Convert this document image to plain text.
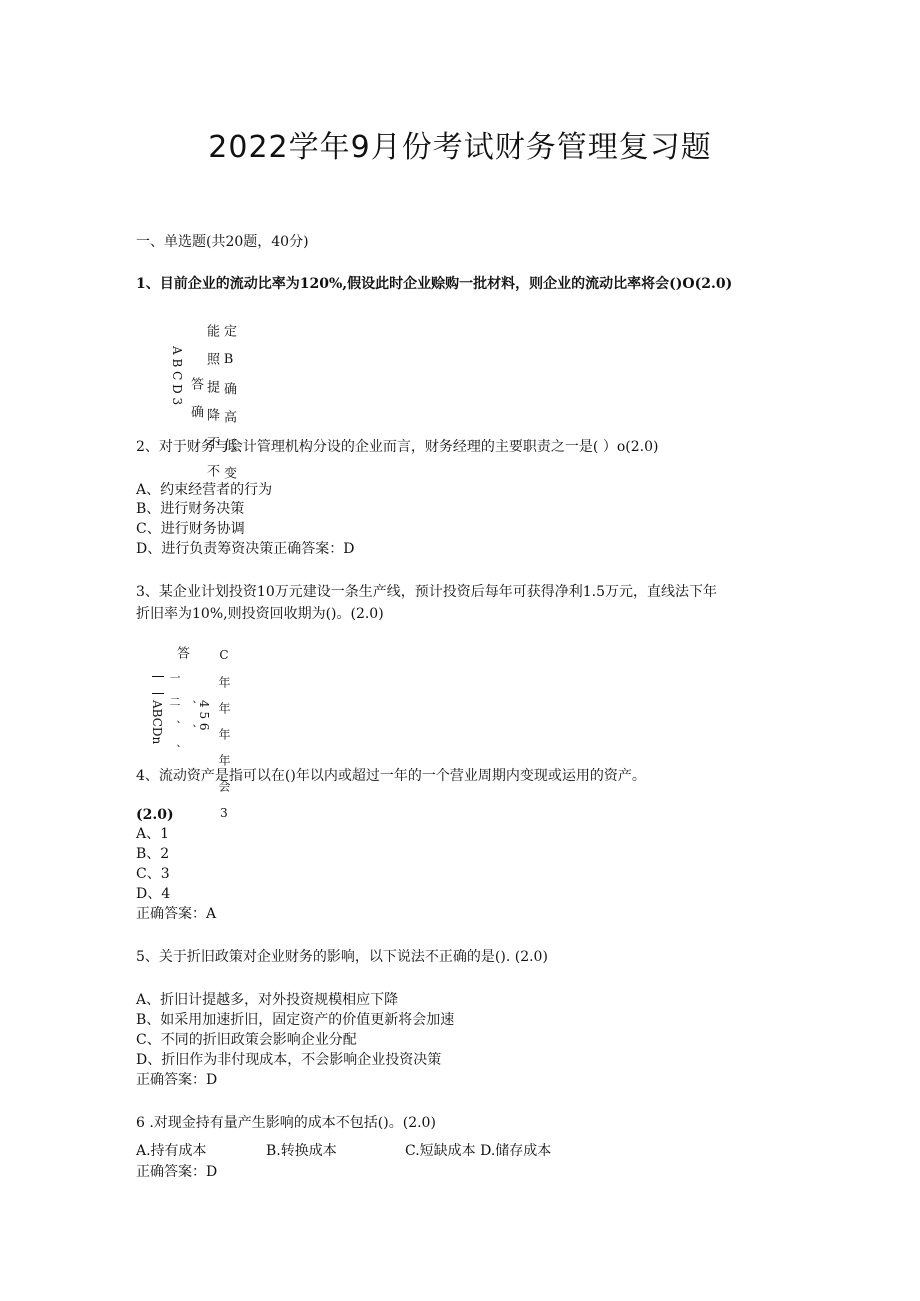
2022学年9月份考试财务管理复习题

一、单选题(共20题，40分)

1、目前企业的流动比率为120%,假设此时企业赊购一批材料，则企业的流动比率将会()O(2.0)

A B C D 3 答 确 能 照 提 降 不 不 定 B 确 高 低 变

2、对于财务与会计管理机构分设的企业而言，财务经理的主要职责之一是( ）o(2.0)

A、约束经营者的行为

B、进行财务决策

C、进行财务协调

D、进行负责筹资决策正确答案：D

3、某企业计划投资10万元建设一条生产线，预计投资后每年可获得净利1.5万元，直线法下年

折旧率为10%,则投资回收期为()。(2.0)

ABCDn 一 二 、 、 、 、
答
4 5 6 C 年 年 年 年 会 3

4、流动资产是指可以在()年以内或超过一年的一个营业周期内变现或运用的资产。

(2.0)

A、1

B、2

C、3

D、4

正确答案：A

5、关于折旧政策对企业财务的影响，以下说法不正确的是(). (2.0)

A、折旧计提越多，对外投资规模相应下降

B、如采用加速折旧，固定资产的价值更新将会加速

C、不同的折旧政策会影响企业分配

D、折旧作为非付现成本，不会影响企业投资决策

正确答案：D

6 .对现金持有量产生影响的成本不包括()。(2.0)

A.持有成本	B.转换成本	C.短缺成本 D.储存成本

正确答案：D
